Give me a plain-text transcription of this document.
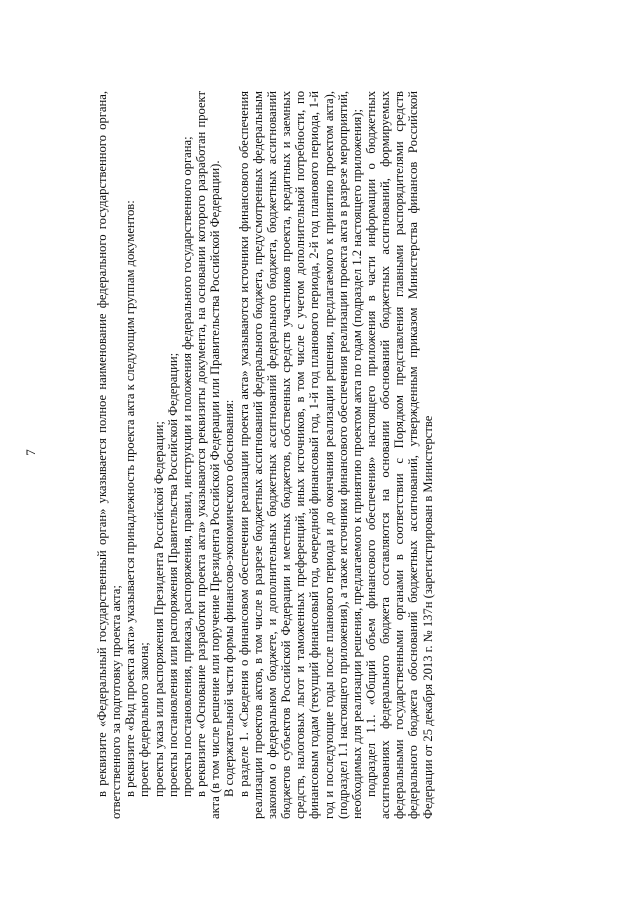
7	в реквизите «Федеральный государственный орган» указывается полное наименование федерального государственного органа, ответственного за подготовку проекта акта; в реквизите «Вид проекта акта» указывается принадлежность проекта акта к следующим группам документов: проект федерального закона; проекты указа или распоряжения Президента Российской Федерации; проекты постановления или распоряжения Правительства Российской Федерации; проекты постановления, приказа, распоряжения, правил, инструкции и положения федерального государственного органа; в реквизите «Основание разработки проекта акта» указываются реквизиты документа, на основании которого разработан проект акта (в том числе решение или поручение Президента Российской Федерации или Правительства Российской Федерации). В содержательной части формы финансово-экономического обоснования: в разделе 1. «Сведения о финансовом обеспечении реализации проекта акта» указываются источники финансового обеспечения реализации проектов актов, в том числе в разрезе бюджетных ассигнований федерального бюджета, предусмотренных федеральным законом о федеральном бюджете, и дополнительных бюджетных ассигнований федерального бюджета, бюджетных ассигнований бюджетов субъектов Российской Федерации и местных бюджетов, собственных средств участников проекта, кредитных и заемных средств, налоговых льгот и таможенных преференций, иных источников, в том числе с учетом дополнительной потребности, по финансовым годам (текущий финансовый год, очередной финансовый год, 1-й год планового периода, 2-й год планового периода, 1-й год и последующие годы после планового периода и до окончания реализации решения, предлагаемого к принятию проектом акта), (подраздел 1.1 настоящего приложения), а также источники финансового обеспечения реализации проекта акта в разрезе мероприятий, необходимых для реализации решения, предлагаемого к принятию проектом акта по годам (подраздел 1.2 настоящего приложения); подраздел 1.1. «Общий объем финансового обеспечения» настоящего приложения в части информации о бюджетных ассигнованиях федерального бюджета составляются на основании обоснований бюджетных ассигнований, формируемых федеральными государственными органами в соответствии с Порядком представления главными распорядителями средств федерального бюджета обоснований бюджетных ассигнований, утвержденным приказом Министерства финансов Российской Федерации от 25 декабря 2013 г. № 137н (зарегистрирован в Министерстве
